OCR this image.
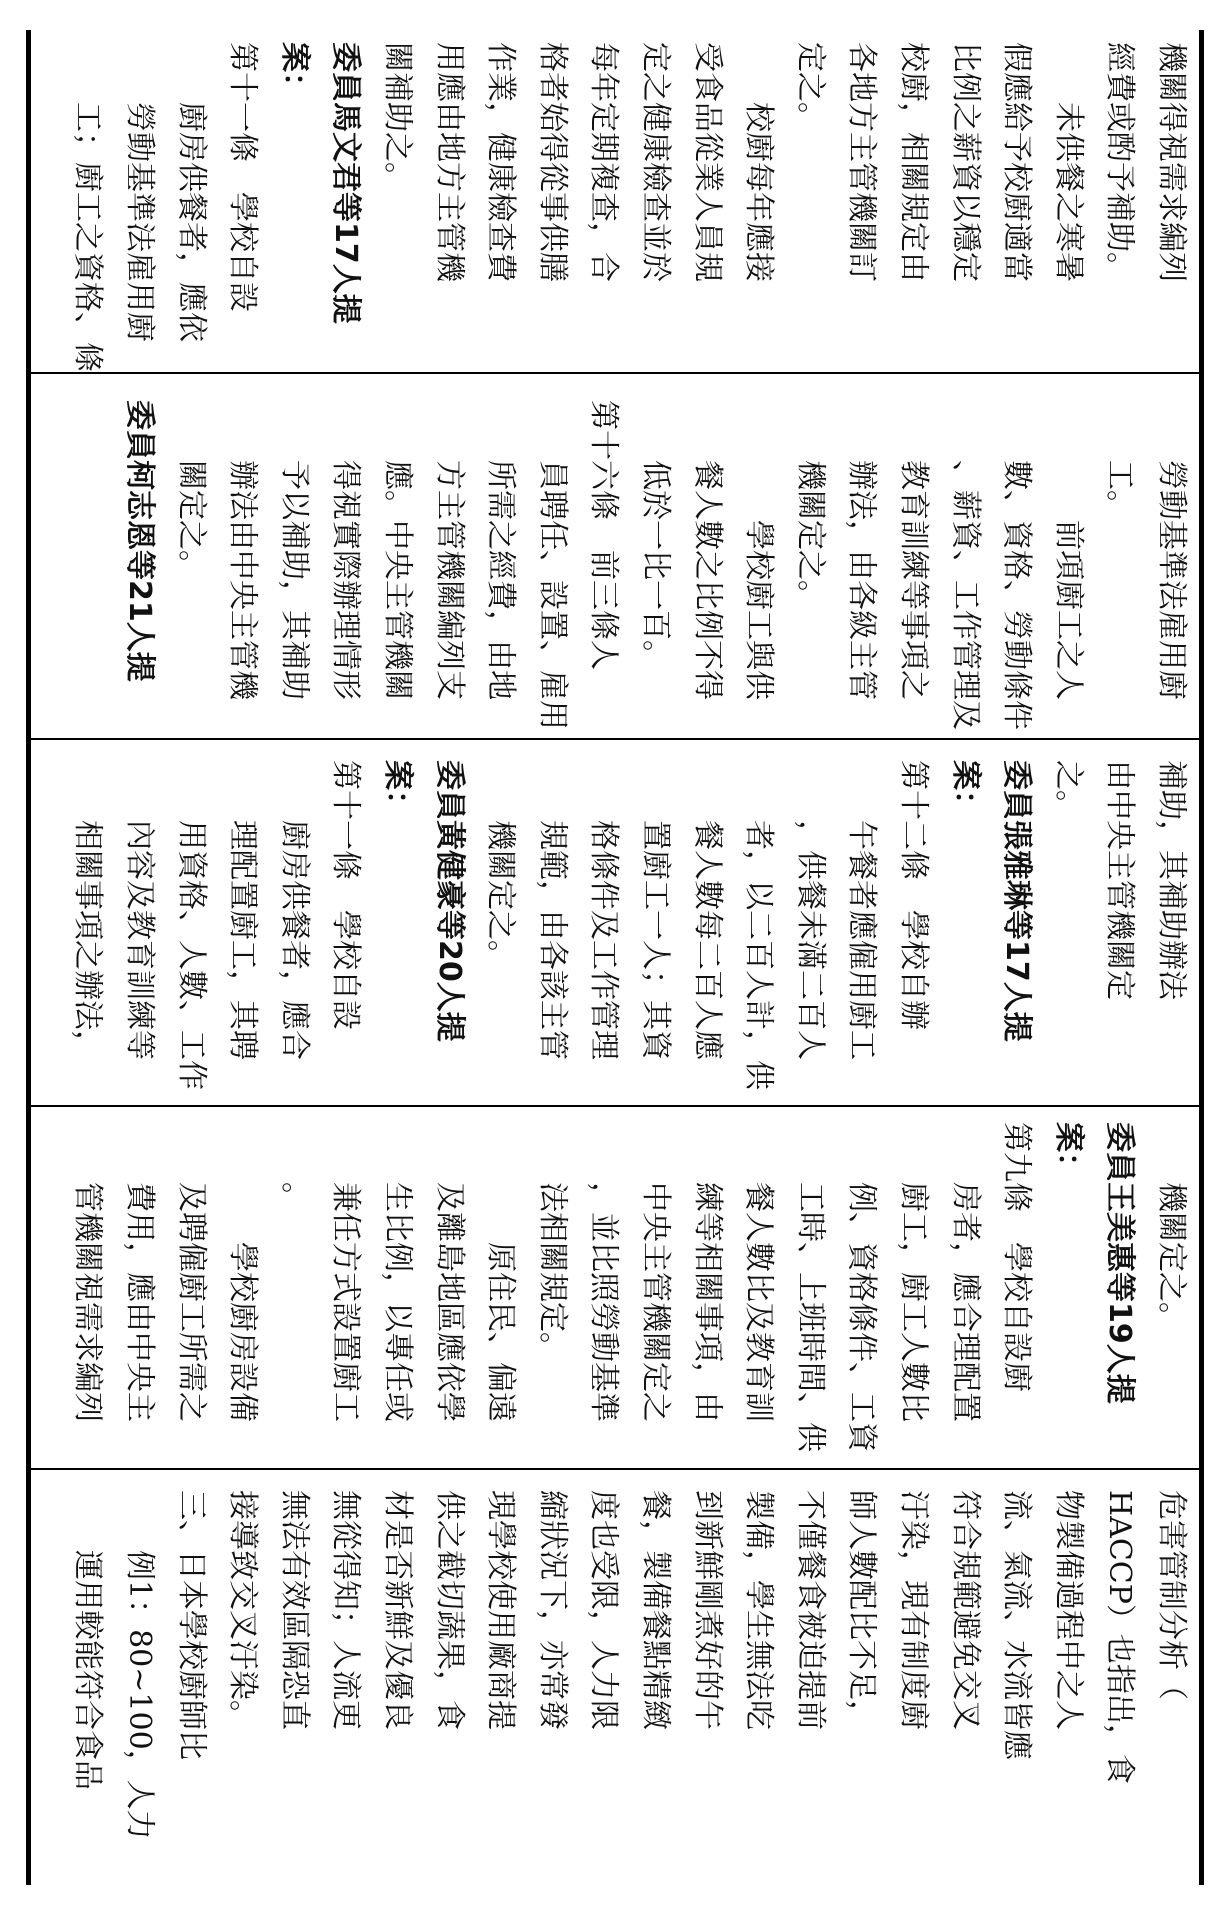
機關得視需求編列
經費或酌予補助。
　　未供餐之寒暑
假應給予校廚適當
比例之薪資以穩定
校廚，相關規定由
各地方主管機關訂
定之。
　　校廚每年應接
受食品從業人員規
定之健康檢查並於
每年定期複查，合
格者始得從事供膳
作業，健康檢查費
用應由地方主管機
關補助之。
委員馬文君等17人提
案：
第十一條　學校自設
　　廚房供餐者，應依
　　勞動基準法雇用廚
　　工；廚工之資格、條
　　勞動基準法雇用廚
　　工。
　　　　前項廚工之人
　　數、資格、勞動條件
　　、薪資、工作管理及
　　教育訓練等事項之
　　辦法，由各級主管
　　機關定之。
　　　　學校廚工與供
　　餐人數之比例不得
　　低於一比一百。
第十六條　前三條人
　　員聘任、設置、雇用
　　所需之經費，由地
　　方主管機關編列支
　　應。中央主管機關
　　得視實際辦理情形
　　予以補助，其補助
　　辦法由中央主管機
　　關定之。
委員柯志恩等21人提
補助，其補助辦法
由中央主管機關定
之。
委員張雅琳等17人提
案：
第十二條　學校自辦
　　午餐者應僱用廚工
　　，供餐未滿二百人
　　者，以二百人計，供
　　餐人數每二百人應
　　置廚工一人；其資
　　格條件及工作管理
　　規範，由各該主管
　　機關定之。
委員黃健豪等20人提
案：
第十一條　學校自設
　　廚房供餐者，應合
　　理配置廚工，其聘
　　用資格、人數、工作
　　內容及教育訓練等
　　相關事項之辦法，
　　機關定之。
委員王美惠等19人提
案：
第九條　學校自設廚
　　房者，應合理配置
　　廚工，廚工人數比
　　例、資格條件、工資
　　工時、上班時間、供
　　餐人數比及教育訓
　　練等相關事項，由
　　中央主管機關定之
　　，並比照勞動基準
　　法相關規定。
　　　　原住民、偏遠
　　及離島地區應依學
　　生比例，以專任或
　　兼任方式設置廚工
　　。
　　　　學校廚房設備
　　及聘僱廚工所需之
　　費用，應由中央主
　　管機關視需求編列
危害管制分析（
HACCP）也指出，食
物製備過程中之人
流、氣流、水流皆應
符合規範避免交叉
汙染，現有制度廚
師人數配比不足，
不僅餐食被迫提前
製備，學生無法吃
到新鮮剛煮好的午
餐，製備餐點精緻
度也受限，人力限
縮狀況下，亦常發
現學校使用廠商提
供之截切蔬果，食
材是否新鮮及優良
無從得知；人流更
無法有效區隔恐直
接導致交叉汙染。
三、日本學校廚師比
　　例1：80~100，人力
　　運用較能符合食品
